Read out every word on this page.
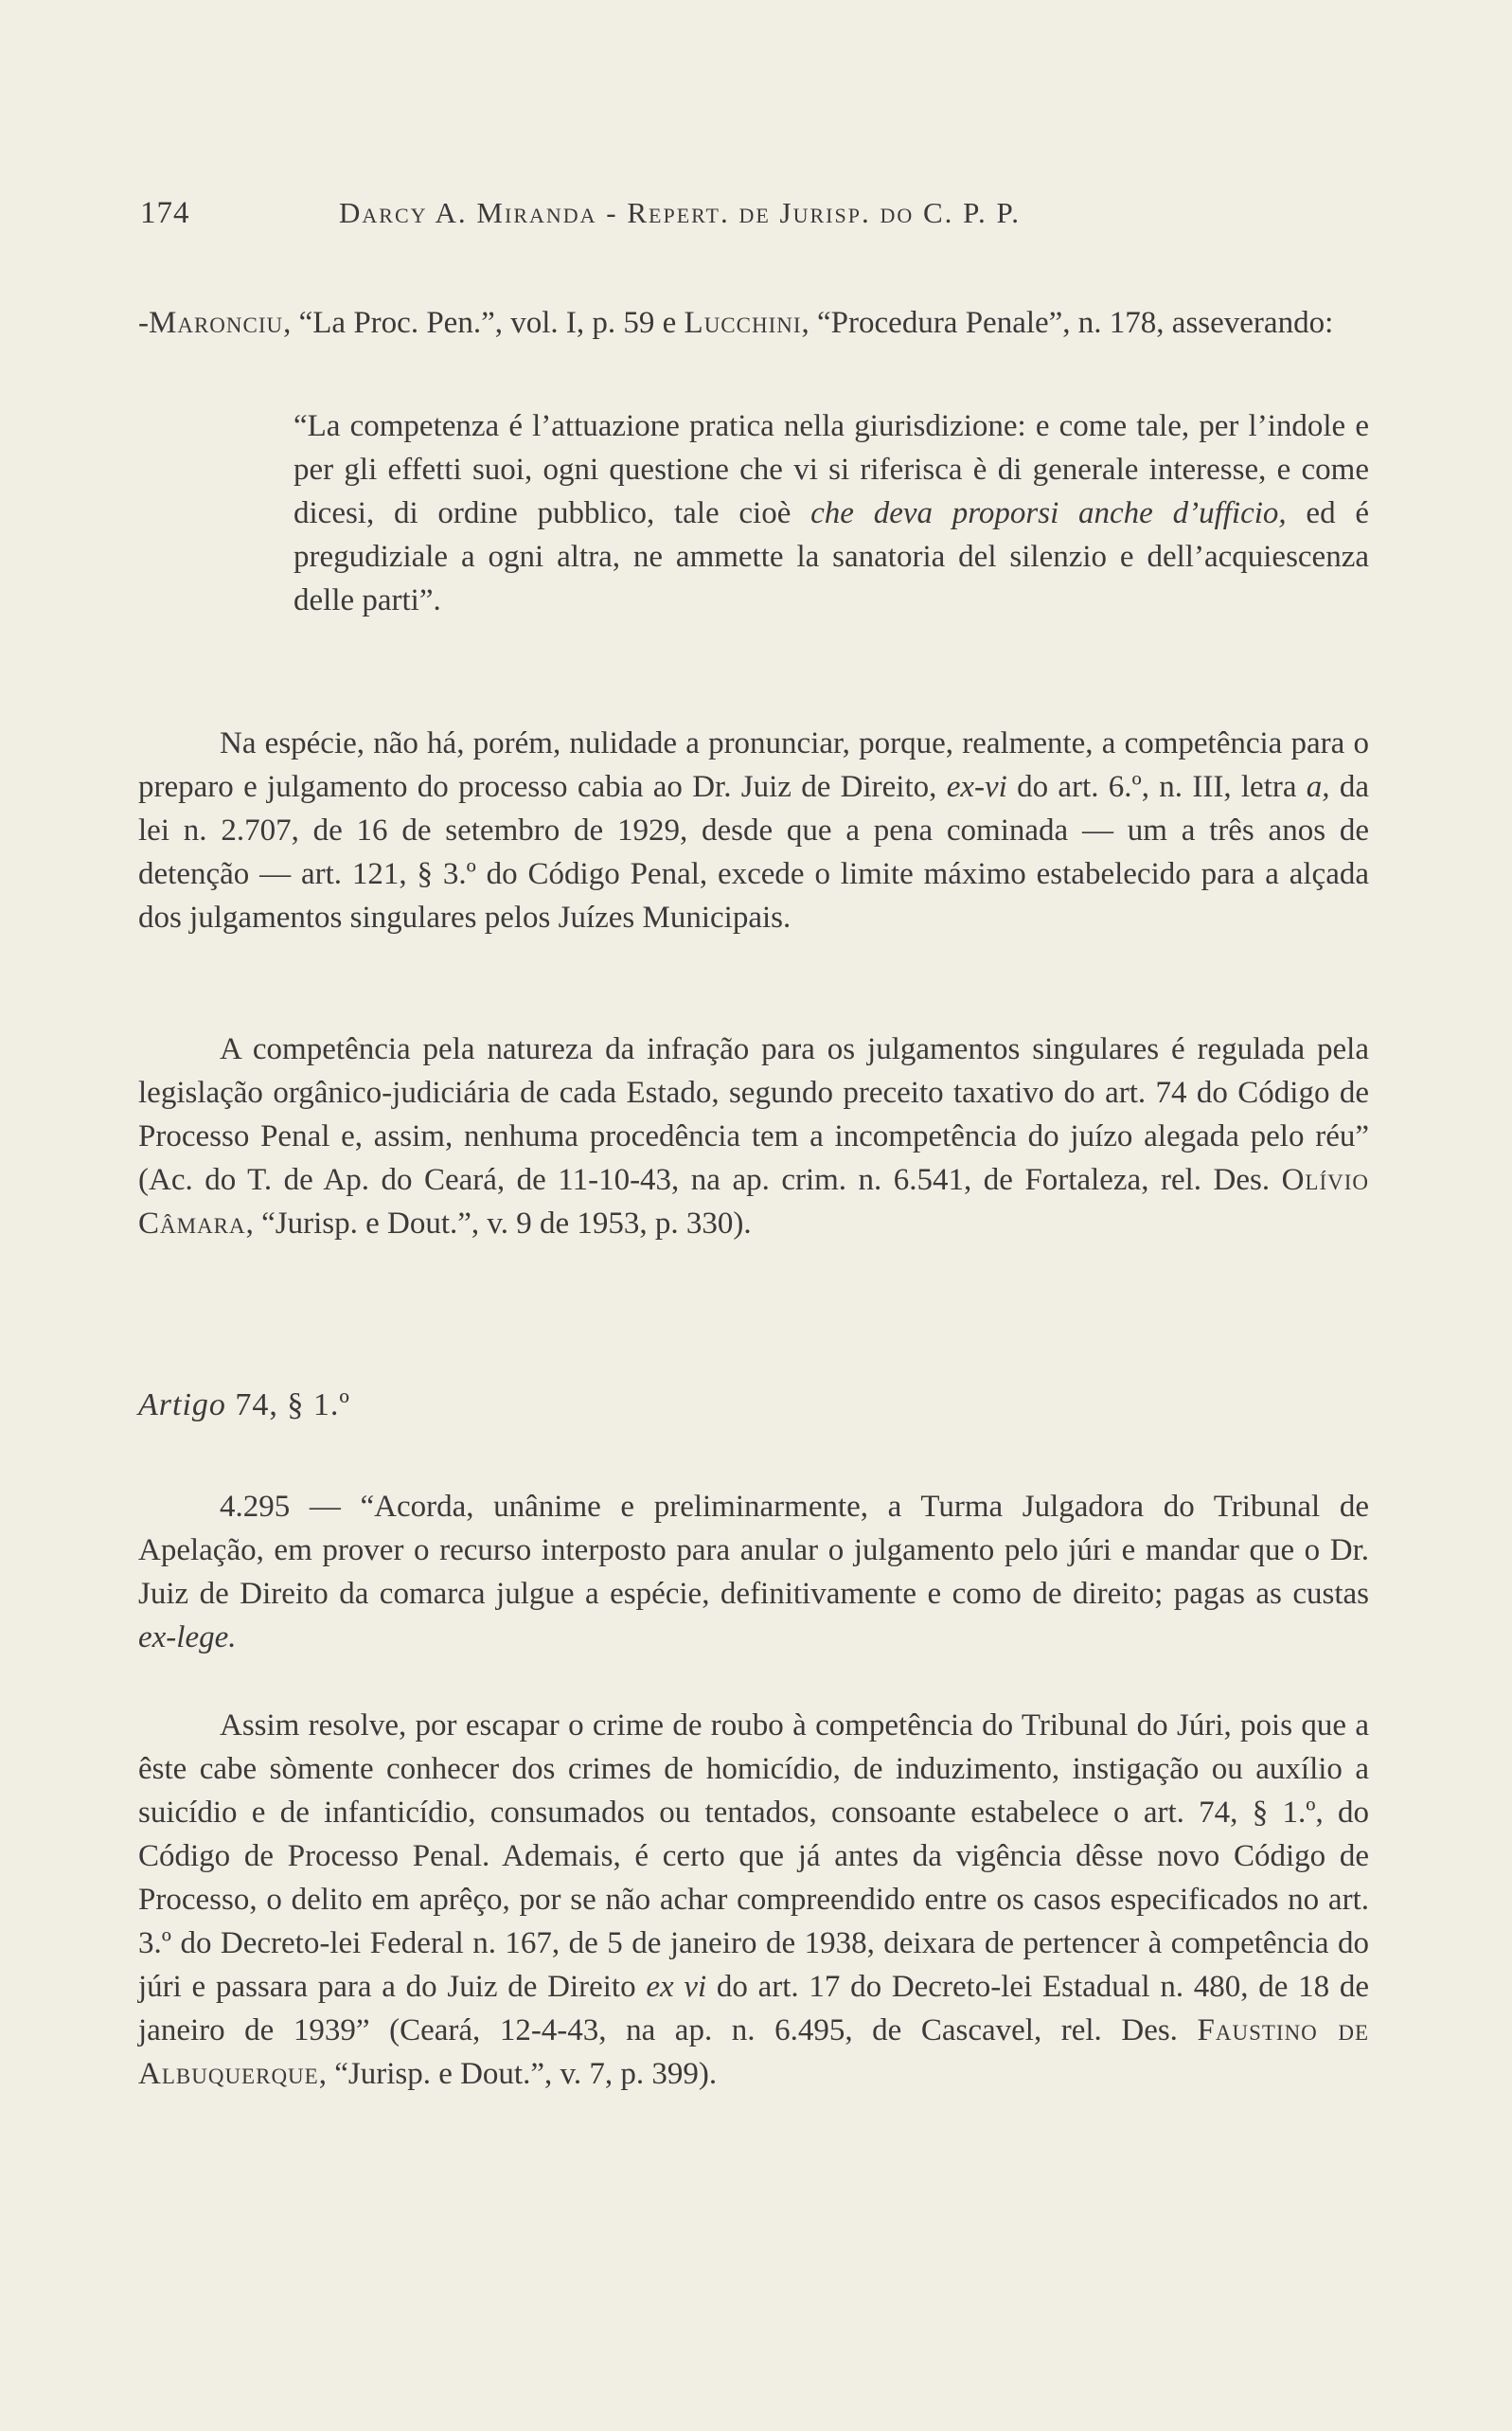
174	Darcy A. Miranda - Repert. de Jurisp. do C. P. P.

-Maronciu, “La Proc. Pen.”, vol. I, p. 59 e Lucchini, “Procedura Penale”, n. 178, asseverando:

“La competenza é l’attuazione pratica nella giurisdizione: e come tale, per l’indole e per gli effetti suoi, ogni questione che vi si riferisca è di generale interesse, e come dicesi, di ordine pubblico, tale cioè che deva proporsi anche d’ufficio, ed é pregudiziale a ogni altra, ne ammette la sanatoria del silenzio e dell’acquiescenza delle parti”.

Na espécie, não há, porém, nulidade a pronunciar, porque, realmente, a competência para o preparo e julgamento do processo cabia ao Dr. Juiz de Direito, ex-vi do art. 6.º, n. III, letra a, da lei n. 2.707, de 16 de setembro de 1929, desde que a pena cominada — um a três anos de detenção — art. 121, § 3.º do Código Penal, excede o limite máximo estabelecido para a alçada dos julgamentos singulares pelos Juízes Municipais.

A competência pela natureza da infração para os julgamentos singulares é regulada pela legislação orgânico-judiciária de cada Estado, segundo preceito taxativo do art. 74 do Código de Processo Penal e, assim, nenhuma procedência tem a incompetência do juízo alegada pelo réu” (Ac. do T. de Ap. do Ceará, de 11-10-43, na ap. crim. n. 6.541, de Fortaleza, rel. Des. Olívio Câmara, “Jurisp. e Dout.”, v. 9 de 1953, p. 330).

Artigo 74, § 1.º

4.295 — “Acorda, unânime e preliminarmente, a Turma Julgadora do Tribunal de Apelação, em prover o recurso interposto para anular o julgamento pelo júri e mandar que o Dr. Juiz de Direito da comarca julgue a espécie, definitivamente e como de direito; pagas as custas ex-lege.

Assim resolve, por escapar o crime de roubo à competência do Tribunal do Júri, pois que a êste cabe sòmente conhecer dos crimes de homicídio, de induzimento, instigação ou auxílio a suicídio e de infanticídio, consumados ou tentados, consoante estabelece o art. 74, § 1.º, do Código de Processo Penal. Ademais, é certo que já antes da vigência dêsse novo Código de Processo, o delito em aprêço, por se não achar compreendido entre os casos especificados no art. 3.º do Decreto-lei Federal n. 167, de 5 de janeiro de 1938, deixara de pertencer à competência do júri e passara para a do Juiz de Direito ex vi do art. 17 do Decreto-lei Estadual n. 480, de 18 de janeiro de 1939” (Ceará, 12-4-43, na ap. n. 6.495, de Cascavel, rel. Des. Faustino de Albuquerque, “Jurisp. e Dout.”, v. 7, p. 399).
